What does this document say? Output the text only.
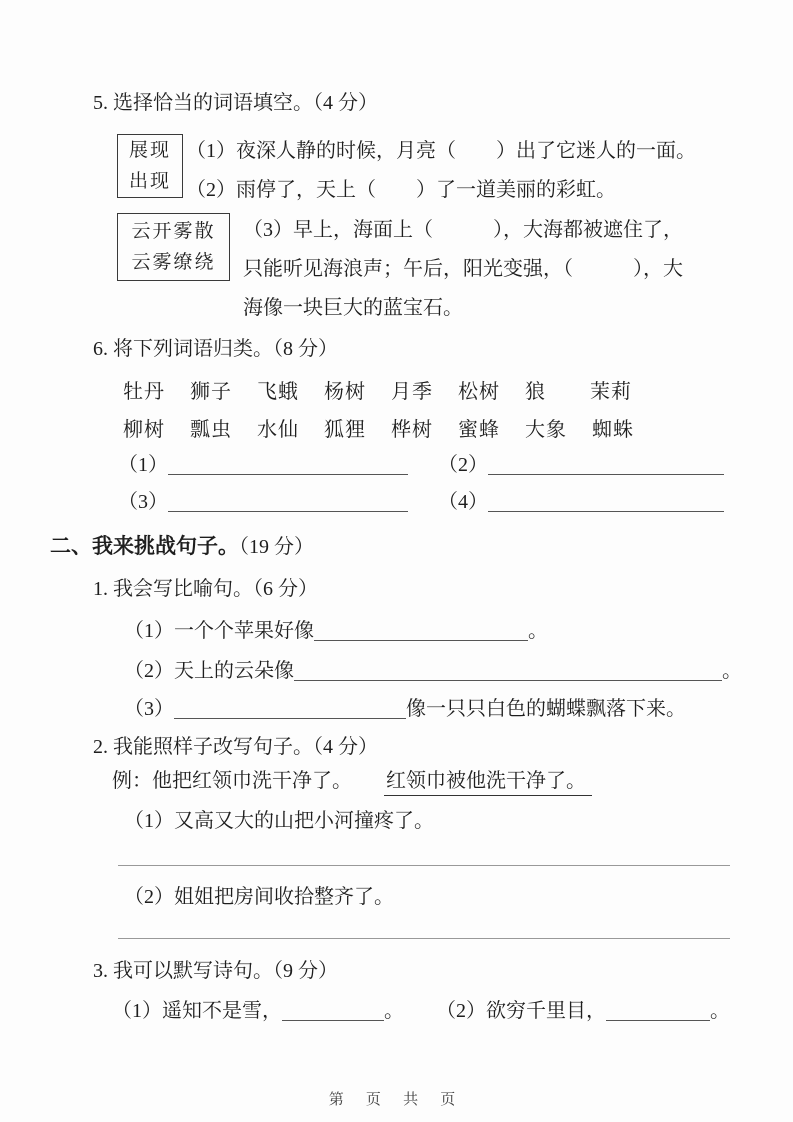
5. 选择恰当的词语填空。（4 分）
展现
出现
（1）夜深人静的时候，月亮（　　）出了它迷人的一面。
（2）雨停了，天上（　　）了一道美丽的彩虹。
云开雾散
云雾缭绕
（3）早上，海面上（　　　），大海都被遮住了，
只能听见海浪声；午后，阳光变强，（　　　），大
海像一块巨大的蓝宝石。
6. 将下列词语归类。（8 分）
牡丹 狮子 飞蛾 杨树 月季 松树 狼	茉莉
柳树 瓢虫 水仙 狐狸 桦树 蜜蜂 大象 蜘蛛
（1）	（2）
（3）	（4）
二、我来挑战句子。（19 分）
1. 我会写比喻句。（6 分）
（1）一个个苹果好像	。
（2）天上的云朵像	。
（3）	像一只只白色的蝴蝶飘落下来。
2. 我能照样子改写句子。（4 分）
例：他把红领巾洗干净了。 红领巾被他洗干净了。
（1）又高又大的山把小河撞疼了。
（2）姐姐把房间收拾整齐了。
3. 我可以默写诗句。（9 分）
（1）遥知不是雪，	。 （2）欲穷千里目，	。
第 页 共 页
